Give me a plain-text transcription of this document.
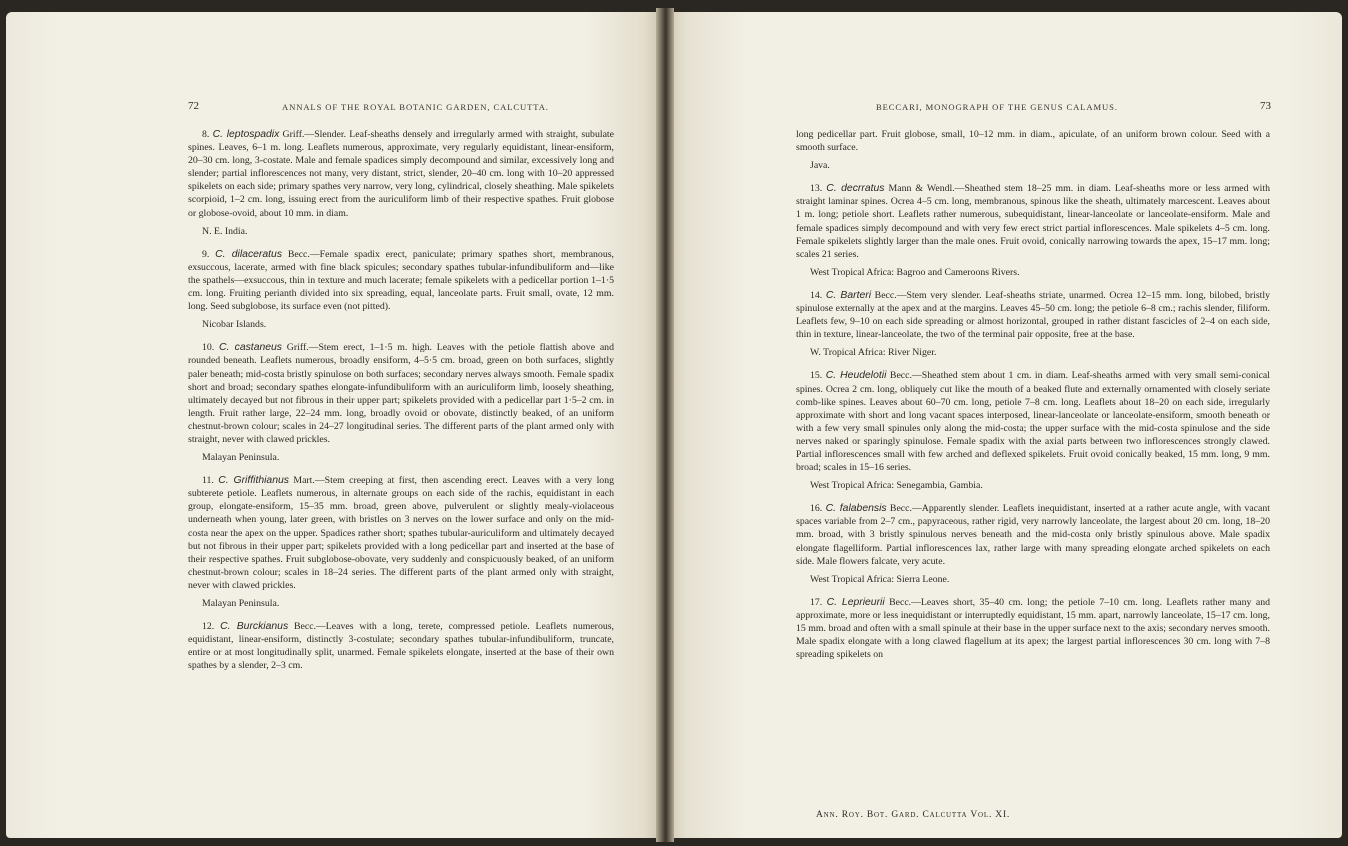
72	ANNALS OF THE ROYAL BOTANIC GARDEN, CALCUTTA.

8. C. leptospadix Griff.—Slender. Leaf-sheaths densely and irregularly armed with straight, subulate spines. Leaves, 6–1 m. long. Leaflets numerous, approximate, very regularly equidistant, linear-ensiform, 20–30 cm. long, 3-costate. Male and female spadices simply decompound and similar, excessively long and slender; partial inflorescences not many, very distant, strict, slender, 20–40 cm. long with 10–20 appressed spikelets on each side; primary spathes very narrow, very long, cylindrical, closely sheathing. Male spikelets scorpioid, 1–2 cm. long, issuing erect from the auriculiform limb of their respective spathes. Fruit globose or globose-ovoid, about 10 mm. in diam.

N. E. India.

9. C. dilaceratus Becc.—Female spadix erect, paniculate; primary spathes short, membranous, exsuccous, lacerate, armed with fine black spicules; secondary spathes tubular-infundibuliform and—like the spathels—exsuccous, thin in texture and much lacerate; female spikelets with a pedicellar portion 1–1·5 cm. long. Fruiting perianth divided into six spreading, equal, lanceolate parts. Fruit small, ovate, 12 mm. long. Seed subglobose, its surface even (not pitted).

Nicobar Islands.

10. C. castaneus Griff.—Stem erect, 1–1·5 m. high. Leaves with the petiole flattish above and rounded beneath. Leaflets numerous, broadly ensiform, 4–5·5 cm. broad, green on both surfaces, slightly paler beneath; mid-costa bristly spinulose on both surfaces; secondary nerves always smooth. Female spadix short and broad; secondary spathes elongate-infundibuliform with an auriculiform limb, loosely sheathing, ultimately decayed but not fibrous in their upper part; spikelets provided with a pedicellar part 1·5–2 cm. in length. Fruit rather large, 22–24 mm. long, broadly ovoid or obovate, distinctly beaked, of an uniform chestnut-brown colour; scales in 24–27 longitudinal series. The different parts of the plant armed only with straight, never with clawed prickles.

Malayan Peninsula.

11. C. Griffithianus Mart.—Stem creeping at first, then ascending erect. Leaves with a very long subterete petiole. Leaflets numerous, in alternate groups on each side of the rachis, equidistant in each group, elongate-ensiform, 15–35 mm. broad, green above, pulverulent or slightly mealy-violaceous underneath when young, later green, with bristles on 3 nerves on the lower surface and only on the mid-costa near the apex on the upper. Spadices rather short; spathes tubular-auriculiform and ultimately decayed but not fibrous in their upper part; spikelets provided with a long pedicellar part and inserted at the base of their respective spathes. Fruit subglobose-obovate, very suddenly and conspicuously beaked, of an uniform chestnut-brown colour; scales in 18–24 series. The different parts of the plant armed only with straight, never with clawed prickles.

Malayan Peninsula.

12. C. Burckianus Becc.—Leaves with a long, terete, compressed petiole. Leaflets numerous, equidistant, linear-ensiform, distinctly 3-costulate; secondary spathes tubular-infundibuliform, truncate, entire or at most longitudinally split, unarmed. Female spikelets elongate, inserted at the base of their own spathes by a slender, 2–3 cm.

BECCARI, MONOGRAPH OF THE GENUS CALAMUS.	73

long pedicellar part. Fruit globose, small, 10–12 mm. in diam., apiculate, of an uniform brown colour. Seed with a smooth surface.

Java.

13. C. decrratus Mann & Wendl.—Sheathed stem 18–25 mm. in diam. Leaf-sheaths more or less armed with straight laminar spines. Ocrea 4–5 cm. long, membranous, spinous like the sheath, ultimately marcescent. Leaves about 1 m. long; petiole short. Leaflets rather numerous, subequidistant, linear-lanceolate or lanceolate-ensiform. Male and female spadices simply decompound and with very few erect strict partial inflorescences. Male spikelets 4–5 cm. long. Female spikelets slightly larger than the male ones. Fruit ovoid, conically narrowing towards the apex, 15–17 mm. long; scales 21 series.

West Tropical Africa: Bagroo and Cameroons Rivers.

14. C. Barteri Becc.—Stem very slender. Leaf-sheaths striate, unarmed. Ocrea 12–15 mm. long, bilobed, bristly spinulose externally at the apex and at the margins. Leaves 45–50 cm. long; the petiole 6–8 cm.; rachis slender, filiform. Leaflets few, 9–10 on each side spreading or almost horizontal, grouped in rather distant fascicles of 2–4 on each side, thin in texture, linear-lanceolate, the two of the terminal pair opposite, free at the base.

W. Tropical Africa: River Niger.

15. C. Heudelotii Becc.—Sheathed stem about 1 cm. in diam. Leaf-sheaths armed with very small semi-conical spines. Ocrea 2 cm. long, obliquely cut like the mouth of a beaked flute and externally ornamented with closely seriate comb-like spines. Leaves about 60–70 cm. long, petiole 7–8 cm. long. Leaflets about 18–20 on each side, irregularly approximate with short and long vacant spaces interposed, linear-lanceolate or lanceolate-ensiform, smooth beneath or with a few very small spinules only along the mid-costa; the upper surface with the mid-costa spinulose and the side nerves naked or sparingly spinulose. Female spadix with the axial parts between two inflorescences strongly clawed. Partial inflorescences small with few arched and deflexed spikelets. Fruit ovoid conically beaked, 15 mm. long, 9 mm. broad; scales in 15–16 series.

West Tropical Africa: Senegambia, Gambia.

16. C. falabensis Becc.—Apparently slender. Leaflets inequidistant, inserted at a rather acute angle, with vacant spaces variable from 2–7 cm., papyraceous, rather rigid, very narrowly lanceolate, the largest about 20 cm. long, 18–20 mm. broad, with 3 bristly spinulous nerves beneath and the mid-costa only bristly spinulous above. Male spadix elongate flagelliform. Partial inflorescences lax, rather large with many spreading elongate arched spikelets on each side. Male flowers falcate, very acute.

West Tropical Africa: Sierra Leone.

17. C. Leprieurii Becc.—Leaves short, 35–40 cm. long; the petiole 7–10 cm. long. Leaflets rather many and approximate, more or less inequidistant or interruptedly equidistant, 15 mm. apart, narrowly lanceolate, 15–17 cm. long, 15 mm. broad and often with a small spinule at their base in the upper surface next to the axis; secondary nerves smooth. Male spadix elongate with a long clawed flagellum at its apex; the largest partial inflorescences 30 cm. long with 7–8 spreading spikelets on

Ann. Roy. Bot. Gard. Calcutta Vol. XI.
